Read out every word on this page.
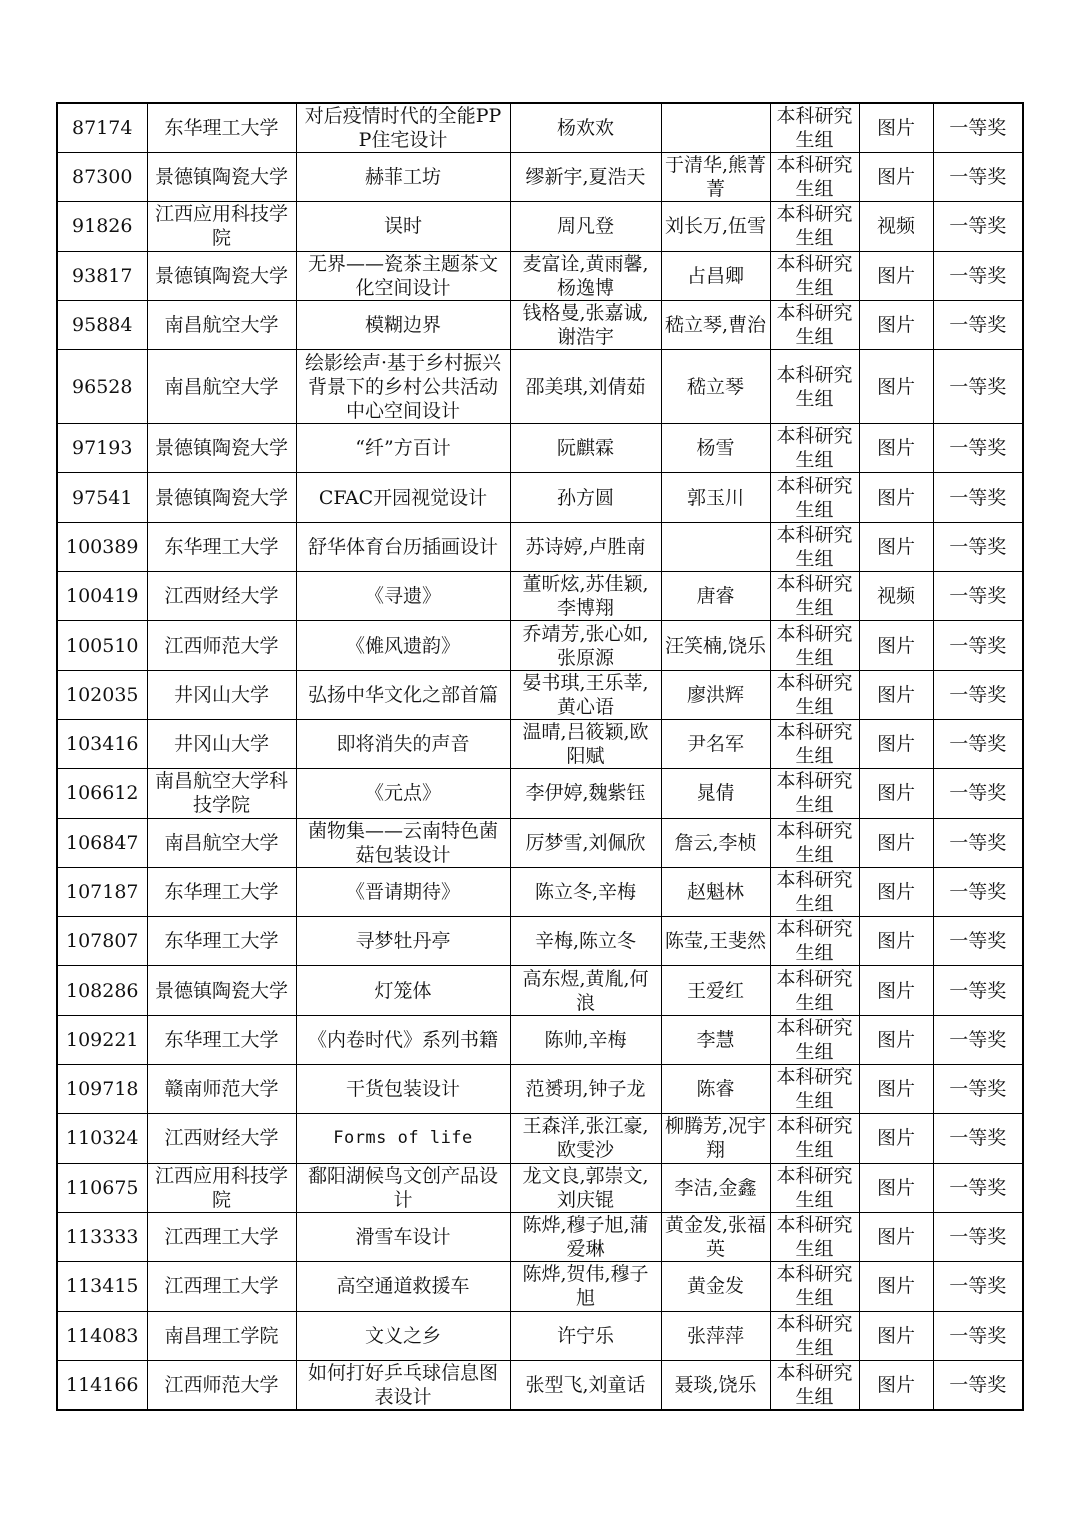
87174	东华理工大学	对后疫情时代的全能PPP住宅设计	杨欢欢		本科研究生组	图片	一等奖
87300	景德镇陶瓷大学	赫菲工坊	缪新宇,夏浩天	于清华,熊菁菁	本科研究生组	图片	一等奖
91826	江西应用科技学院	误时	周凡登	刘长万,伍雪	本科研究生组	视频	一等奖
93817	景德镇陶瓷大学	无界——瓷茶主题茶文化空间设计	麦富诠,黄雨馨,杨逸博	占昌卿	本科研究生组	图片	一等奖
95884	南昌航空大学	模糊边界	钱格曼,张嘉诚,谢浩宇	嵇立琴,曹治	本科研究生组	图片	一等奖
96528	南昌航空大学	绘影绘声·基于乡村振兴背景下的乡村公共活动中心空间设计	邵美琪,刘倩茹	嵇立琴	本科研究生组	图片	一等奖
97193	景德镇陶瓷大学	“纤”方百计	阮麒霖	杨雪	本科研究生组	图片	一等奖
97541	景德镇陶瓷大学	CFAC开园视觉设计	孙方圆	郭玉川	本科研究生组	图片	一等奖
100389	东华理工大学	舒华体育台历插画设计	苏诗婷,卢胜南		本科研究生组	图片	一等奖
100419	江西财经大学	《寻遗》	董昕炫,苏佳颖,李博翔	唐睿	本科研究生组	视频	一等奖
100510	江西师范大学	《傩风遗韵》	乔靖芳,张心如,张原源	汪笑楠,饶乐	本科研究生组	图片	一等奖
102035	井冈山大学	弘扬中华文化之部首篇	晏书琪,王乐莘,黄心语	廖洪辉	本科研究生组	图片	一等奖
103416	井冈山大学	即将消失的声音	温晴,吕筱颖,欧阳赋	尹名军	本科研究生组	图片	一等奖
106612	南昌航空大学科技学院	《元点》	李伊婷,魏紫钰	晁倩	本科研究生组	图片	一等奖
106847	南昌航空大学	菌物集——云南特色菌菇包装设计	厉梦雪,刘佩欣	詹云,李桢	本科研究生组	图片	一等奖
107187	东华理工大学	《晋请期待》	陈立冬,辛梅	赵魁林	本科研究生组	图片	一等奖
107807	东华理工大学	寻梦牡丹亭	辛梅,陈立冬	陈莹,王斐然	本科研究生组	图片	一等奖
108286	景德镇陶瓷大学	灯笼体	高东煜,黄胤,何浪	王爱红	本科研究生组	图片	一等奖
109221	东华理工大学	《内卷时代》系列书籍	陈帅,辛梅	李慧	本科研究生组	图片	一等奖
109718	赣南师范大学	干货包装设计	范赟玥,钟子龙	陈睿	本科研究生组	图片	一等奖
110324	江西财经大学	Forms of life	王森洋,张江豪,欧雯沙	柳腾芳,况宇翔	本科研究生组	图片	一等奖
110675	江西应用科技学院	鄱阳湖候鸟文创产品设计	龙文良,郭崇文,刘庆锟	李洁,金鑫	本科研究生组	图片	一等奖
113333	江西理工大学	滑雪车设计	陈烨,穆子旭,蒲爱琳	黄金发,张福英	本科研究生组	图片	一等奖
113415	江西理工大学	高空通道救援车	陈烨,贺伟,穆子旭	黄金发	本科研究生组	图片	一等奖
114083	南昌理工学院	文义之乡	许宁乐	张萍萍	本科研究生组	图片	一等奖
114166	江西师范大学	如何打好乒乓球信息图表设计	张型飞,刘童话	聂琰,饶乐	本科研究生组	图片	一等奖
